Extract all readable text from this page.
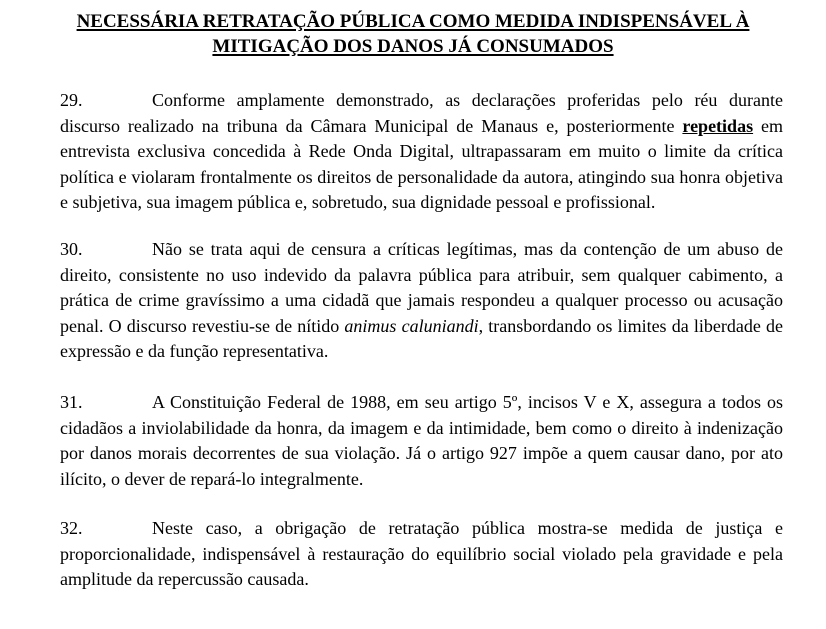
NECESSÁRIA RETRATAÇÃO PÚBLICA COMO MEDIDA INDISPENSÁVEL À
MITIGAÇÃO DOS DANOS JÁ CONSUMADOS

29.	Conforme amplamente demonstrado, as declarações proferidas pelo réu durante discurso realizado na tribuna da Câmara Municipal de Manaus e, posteriormente repetidas em entrevista exclusiva concedida à Rede Onda Digital, ultrapassaram em muito o limite da crítica política e violaram frontalmente os direitos de personalidade da autora, atingindo sua honra objetiva e subjetiva, sua imagem pública e, sobretudo, sua dignidade pessoal e profissional.

30.	Não se trata aqui de censura a críticas legítimas, mas da contenção de um abuso de direito, consistente no uso indevido da palavra pública para atribuir, sem qualquer cabimento, a prática de crime gravíssimo a uma cidadã que jamais respondeu a qualquer processo ou acusação penal. O discurso revestiu-se de nítido animus caluniandi, transbordando os limites da liberdade de expressão e da função representativa.

31.	A Constituição Federal de 1988, em seu artigo 5º, incisos V e X, assegura a todos os cidadãos a inviolabilidade da honra, da imagem e da intimidade, bem como o direito à indenização por danos morais decorrentes de sua violação. Já o artigo 927 impõe a quem causar dano, por ato ilícito, o dever de repará-lo integralmente.

32.	Neste caso, a obrigação de retratação pública mostra-se medida de justiça e proporcionalidade, indispensável à restauração do equilíbrio social violado pela gravidade e pela amplitude da repercussão causada.
